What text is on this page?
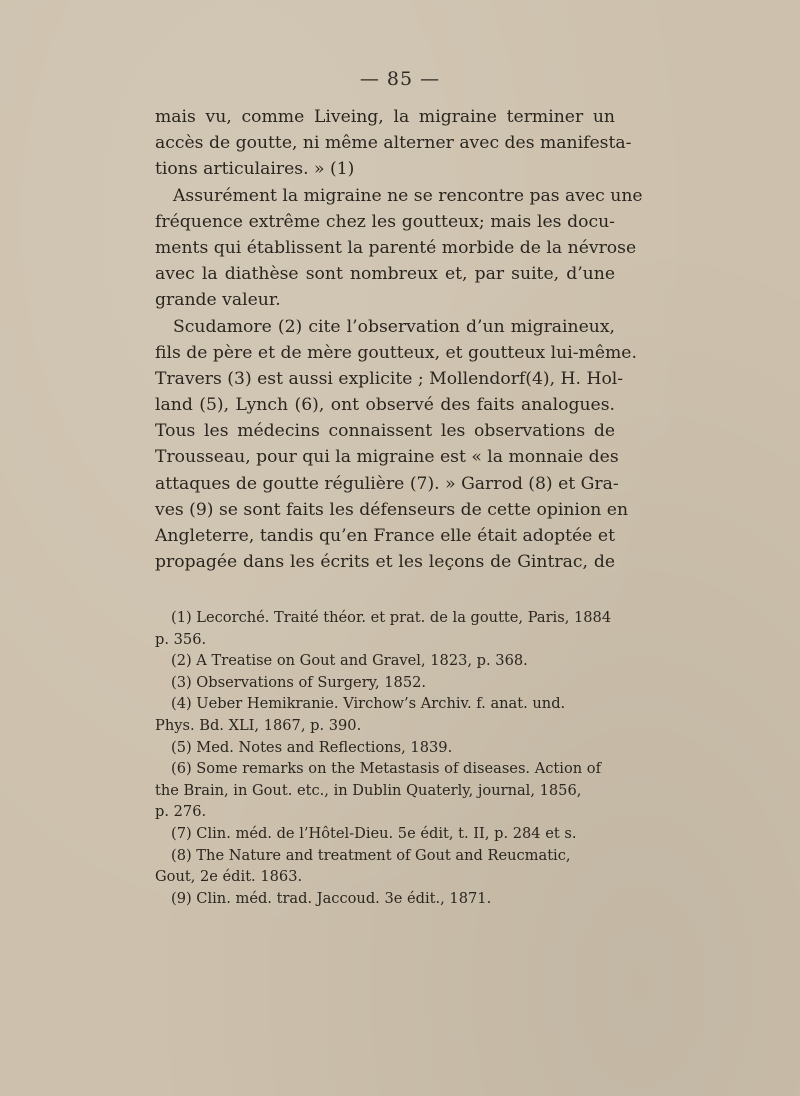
— 85 —
mais vu, comme Liveing, la migraine terminer un
accès de goutte, ni même alterner avec des manifesta-
tions articulaires. » (1)
Assurément la migraine ne se rencontre pas avec une
fréquence extrême chez les goutteux; mais les docu-
ments qui établissent la parenté morbide de la névrose
avec la diathèse sont nombreux et, par suite, d’une
grande valeur.
Scudamore (2) cite l’observation d’un migraineux,
fils de père et de mère goutteux, et goutteux lui-même.
Travers (3) est aussi explicite ; Mollendorf(4), H. Hol-
land (5), Lynch (6), ont observé des faits analogues.
Tous les médecins connaissent les observations de
Trousseau, pour qui la migraine est « la monnaie des
attaques de goutte régulière (7). » Garrod (8) et Gra-
ves (9) se sont faits les défenseurs de cette opinion en
Angleterre, tandis qu’en France elle était adoptée et
propagée dans les écrits et les leçons de Gintrac, de
(1) Lecorché. Traité théor. et prat. de la goutte, Paris, 1884
p. 356.
(2) A Treatise on Gout and Gravel, 1823, p. 368.
(3) Observations of Surgery, 1852.
(4) Ueber Hemikranie. Virchow’s Archiv. f. anat. und.
Phys. Bd. XLI, 1867, p. 390.
(5) Med. Notes and Reflections, 1839.
(6) Some remarks on the Metastasis of diseases. Action of
the Brain, in Gout. etc., in Dublin Quaterly, journal, 1856,
p. 276.
(7) Clin. méd. de l’Hôtel-Dieu. 5e édit, t. II, p. 284 et s.
(8) The Nature and treatment of Gout and Reucmatic,
Gout, 2e édit. 1863.
(9) Clin. méd. trad. Jaccoud. 3e édit., 1871.
